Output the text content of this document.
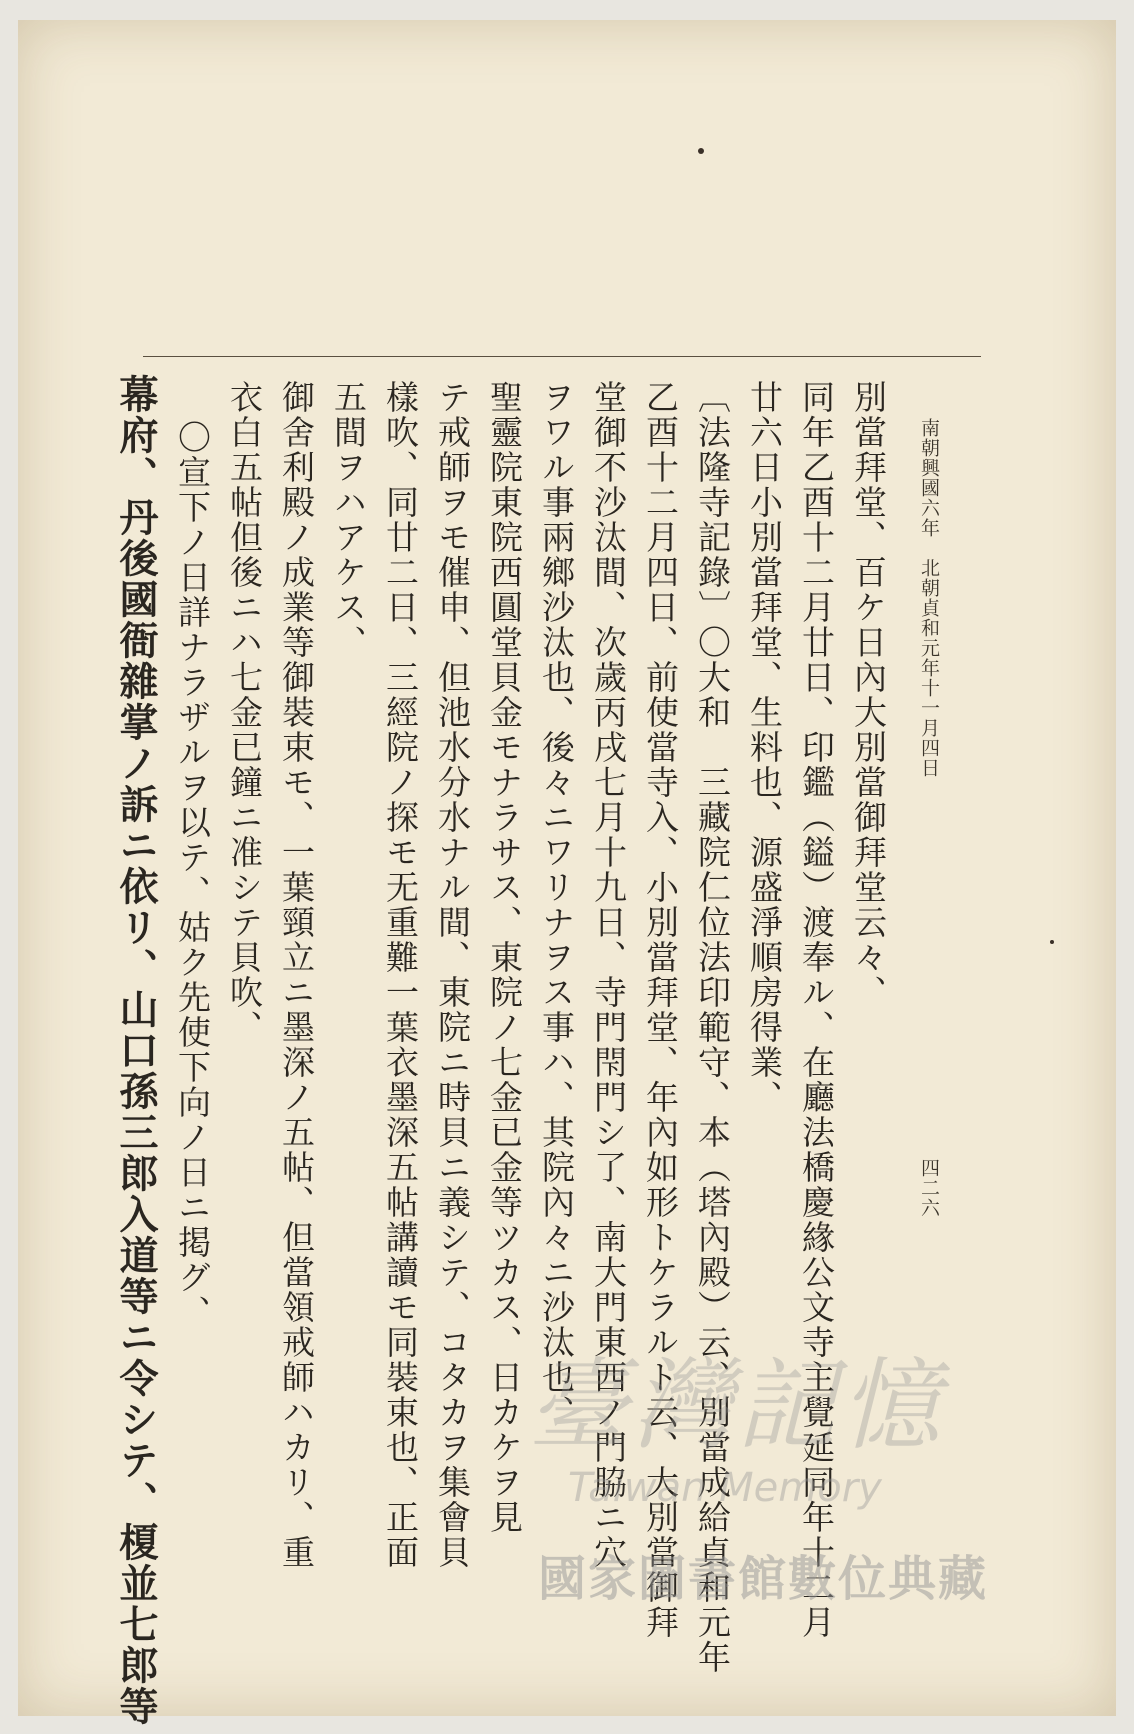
南朝興國六年　北朝貞和元年十一月四日
四二六
別當拜堂、百ケ日內大別當御拜堂云々、
同年乙酉十二月廿日、印鑑（鎰）渡奉ル、在廳法橋慶緣公文寺主覺延同年十二月
廿六日小別當拜堂、生料也、源盛淨順房得業、
〔法隆寺記錄〕〇大和　三藏院仁位法印範守、本（塔內殿）云、別當成給貞和元年
乙酉十二月四日、前使當寺入、小別當拜堂、年內如形トケラルト云、大別當御拜
堂御不沙汰間、次歲丙戌七月十九日、寺門閇門シ了、南大門東西ノ門脇ニ穴
ヲワル事兩鄉沙汰也、後々ニワリナヲス事ハ、其院內々ニ沙汰也、
聖靈院東院西圓堂貝金モナラサス、東院ノ七金已金等ツカス、日カケヲ見
テ戒師ヲモ催申、但池水分水ナル間、東院ニ時貝ニ義シテ、コタカヲ集會貝
樣吹、同廿二日、三經院ノ探モ无重難一葉衣墨深五帖講讀モ同裝束也、正面
五間ヲハアケス、
御舍利殿ノ成業等御裝束モ、一葉頸立ニ墨深ノ五帖、但當領戒師ハカリ、重
衣白五帖但後ニハ七金已鐘ニ准シテ貝吹、
〇宣下ノ日詳ナラザルヲ以テ、姑ク先使下向ノ日ニ掲グ、
幕府、丹後國衙雜掌ノ訴ニ依リ、山口孫三郎入道等ニ令シテ、榎並七郎等	臺灣記憶
Taiwan Memory
國家圖書館數位典藏
